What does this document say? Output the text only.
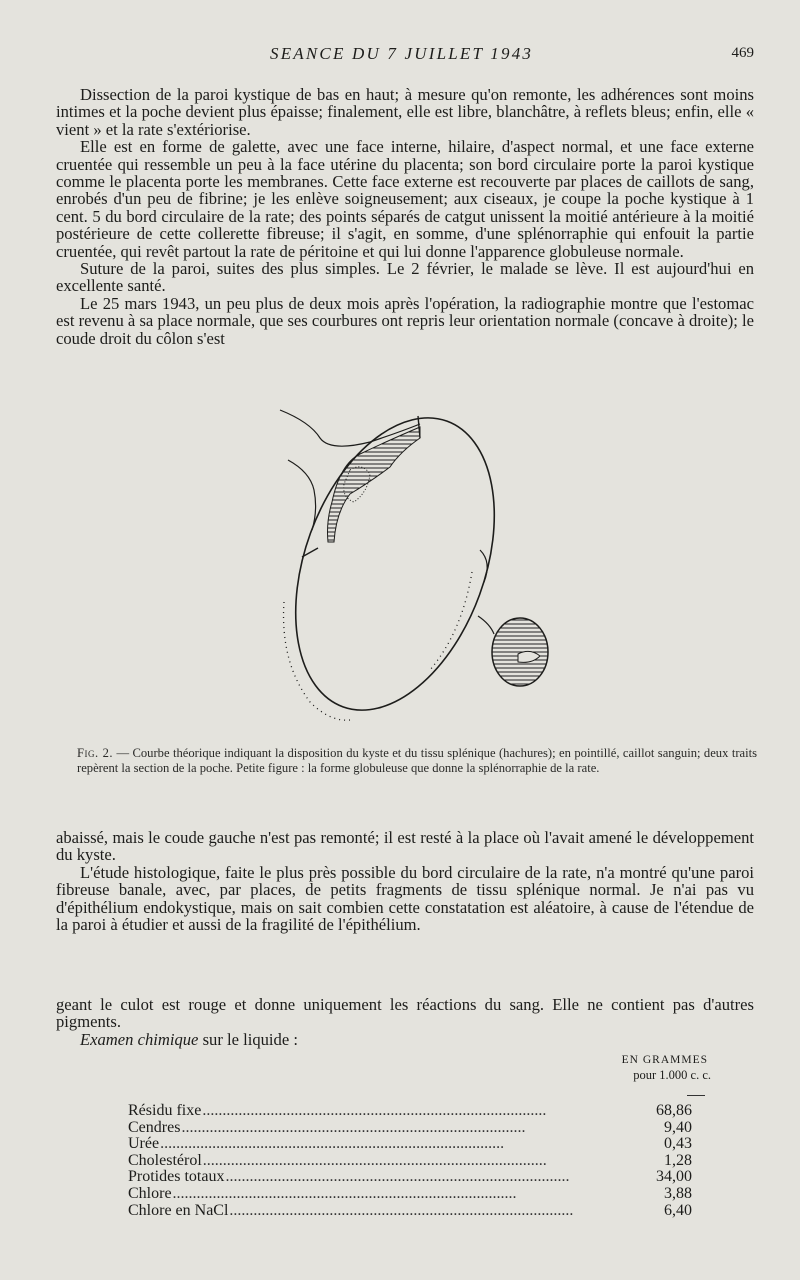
SEANCE DU 7 JUILLET 1943	469

Dissection de la paroi kystique de bas en haut; à mesure qu'on remonte, les adhérences sont moins intimes et la poche devient plus épaisse; finalement, elle est libre, blanchâtre, à reflets bleus; enfin, elle « vient » et la rate s'extériorise.

Elle est en forme de galette, avec une face interne, hilaire, d'aspect normal, et une face externe cruentée qui ressemble un peu à la face utérine du placenta; son bord circulaire porte la paroi kystique comme le placenta porte les membranes. Cette face externe est recouverte par places de caillots de sang, enrobés d'un peu de fibrine; je les enlève soigneusement; aux ciseaux, je coupe la poche kystique à 1 cent. 5 du bord circulaire de la rate; des points séparés de catgut unissent la moitié antérieure à la moitié postérieure de cette collerette fibreuse; il s'agit, en somme, d'une splénorraphie qui enfouit la partie cruentée, qui revêt partout la rate de péritoine et qui lui donne l'apparence globuleuse normale.

Suture de la paroi, suites des plus simples. Le 2 février, le malade se lève. Il est aujourd'hui en excellente santé.

Le 25 mars 1943, un peu plus de deux mois après l'opération, la radiographie montre que l'estomac est revenu à sa place normale, que ses courbures ont repris leur orientation normale (concave à droite); le coude droit du côlon s'est

Fig. 2. — Courbe théorique indiquant la disposition du kyste et du tissu splénique (hachures); en pointillé, caillot sanguin; deux traits repèrent la section de la poche. Petite figure : la forme globuleuse que donne la splénorraphie de la rate.

abaissé, mais le coude gauche n'est pas remonté; il est resté à la place où l'avait amené le développement du kyste.

L'étude histologique, faite le plus près possible du bord circulaire de la rate, n'a montré qu'une paroi fibreuse banale, avec, par places, de petits fragments de tissu splénique normal. Je n'ai pas vu d'épithélium endokystique, mais on sait combien cette constatation est aléatoire, à cause de l'étendue de la paroi à étudier et aussi de la fragilité de l'épithélium.

geant le culot est rouge et donne uniquement les réactions du sang. Elle ne contient pas d'autres pigments.

Examen chimique sur le liquide :

EN GRAMMES
pour 1.000 c. c.
Résidu fixe . . .	68,86
Cendres . . .	9,40
Urée . . .	0,43
Cholestérol . . .	1,28
Protides totaux . . .	34,00
Chlore . . .	3,88
Chlore en NaCl . . .	6,40
